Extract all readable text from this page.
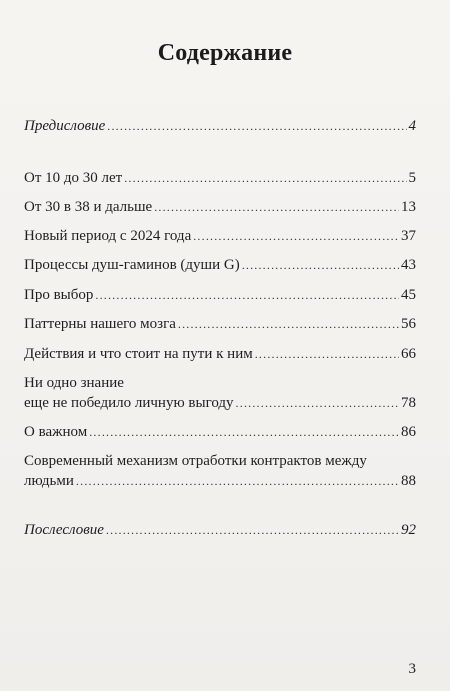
Содержание
Предисловие .....	4
От 10 до 30 лет .....	5
От 30 в 38 и дальше .....	13
Новый период с 2024 года .....	37
Процессы душ-гаминов (души G) .....	43
Про выбор .....	45
Паттерны нашего мозга .....	56
Действия и что стоит на пути к ним .....	66
Ни одно знание
еще не победило личную выгоду .....	78
О важном .....	86
Современный механизм отработки контрактов между
людьми .....	88
Послесловие .....	92
3
